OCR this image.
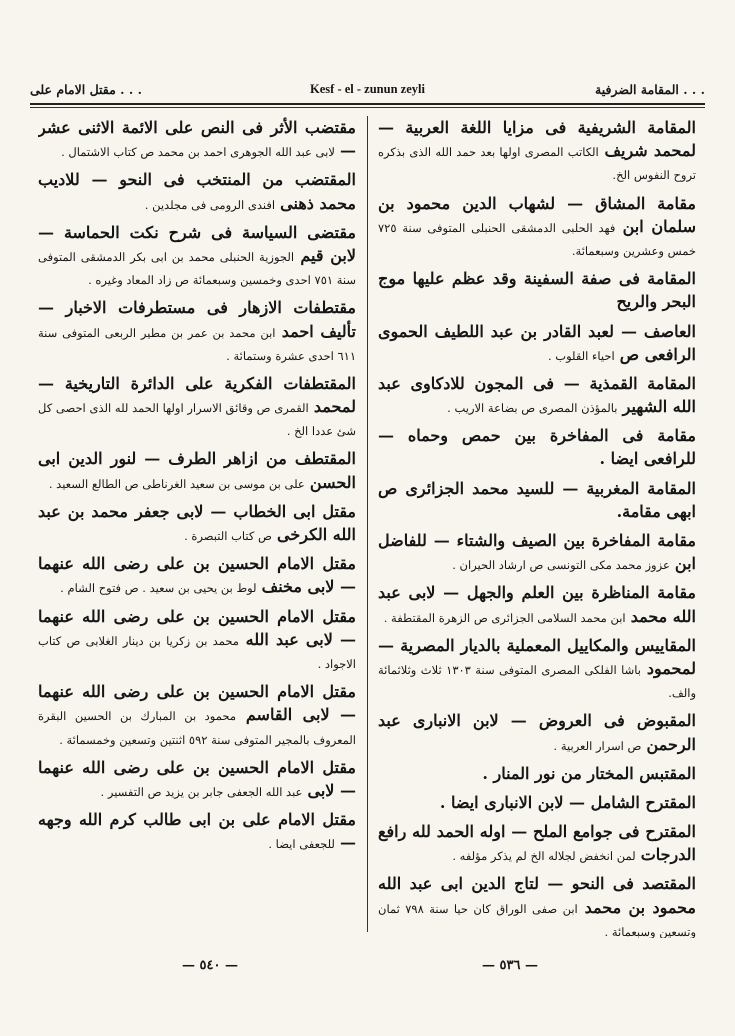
مقتل الامام على . . .	Kesf - el - zunun zeyli	المقامة الضرفية . . .

المقامة الشريفية فى مزايا اللغة العربية — لمحمد شريف الكاتب المصرى اولها بعد حمد الله الذى بذكره تروح النفوس الخ.

مقامة المشاق — لشهاب الدين محمود بن سلمان ابن فهد الحلبى الدمشقى الحنبلى المتوفى سنة ٧٢٥ خمس وعشرين وسبعمائة.

المقامة فى صفة السفينة وقد عظم عليها موج البحر والريح

العاصف — لعبد القادر بن عبد اللطيف الحموى الرافعى ص احياء القلوب .

المقامة القمذية — فى المجون للادكاوى عبد الله الشهير بالمؤذن المصرى ص بضاعة الاريب .

مقامة فى المفاخرة بين حمص وحماه — للرافعى ايضا .

المقامة المغربية — للسيد محمد الجزائرى ص ابهى مقامة.

مقامة المفاخرة بين الصيف والشتاء — للفاضل ابن عزوز محمد مكى التونسى ص ارشاد الحيران .

مقامة المناظرة بين العلم والجهل — لابى عبد الله محمد ابن محمد السلامى الجزائرى ص الزهرة المقتطفة .

المقاييس والمكاييل المعملية بالديار المصرية — لمحمود باشا الفلكى المصرى المتوفى سنة ١٣٠٣ ثلاث وثلاثمائة والف.

المقبوض فى العروض — لابن الانبارى عبد الرحمن ص اسرار العربية .

المقتبس المختار من نور المنار .

المقترح الشامل — لابن الانبارى ايضا .

المقترح فى جوامع الملح — اوله الحمد لله رافع الدرجات لمن انخفض لجلاله الخ لم يذكر مؤلفه .

المقتصد فى النحو — لتاج الدين ابى عبد الله محمود بن محمد ابن صفى الوراق كان حيا سنة ٧٩٨ ثمان وتسعين وسبعمائة .

مقتضب الأثر فى النص على الائمة الاثنى عشر — لابى عبد الله الجوهرى احمد بن محمد ص كتاب الاشتمال .

المقتضب من المنتخب فى النحو — للاديب محمد ذهنى افندى الرومى فى مجلدين .

مقتضى السياسة فى شرح نكت الحماسة — لابن قيم الجوزية الحنبلى محمد بن ابى بكر الدمشقى المتوفى سنة ٧٥١ احدى وخمسين وسبعمائة ص زاد المعاد وغيره .

مقتطفات الازهار فى مستطرفات الاخبار — تأليف احمد ابن محمد بن عمر بن مطير الربعى المتوفى سنة ٦١١ احدى عشرة وستمائة .

المقتطفات الفكرية على الدائرة التاريخية — لمحمد القمرى ص وقائق الاسرار اولها الحمد لله الذى احصى كل شئ عددا الخ .

المقتطف من ازاهر الطرف — لنور الدين ابى الحسن على بن موسى بن سعيد الغرناطى ص الطالع السعيد .

مقتل ابى الخطاب — لابى جعفر محمد بن عبد الله الكرخى ص كتاب التبصرة .

مقتل الامام الحسين بن على رضى الله عنهما — لابى مخنف لوط بن يحيى بن سعيد . ص فتوح الشام .

مقتل الامام الحسين بن على رضى الله عنهما — لابى عبد الله محمد بن زكريا بن دينار الغلابى ص كتاب الاجواد .

مقتل الامام الحسين بن على رضى الله عنهما — لابى القاسم محمود بن المبارك بن الحسين البقرة المعروف بالمجير المتوفى سنة ٥٩٢ اثنتين وتسعين وخمسمائة .

مقتل الامام الحسين بن على رضى الله عنهما — لابى عبد الله الجعفى جابر بن يزيد ص التفسير .

مقتل الامام على بن ابى طالب كرم الله وجهه — للجعفى ايضا .

— ٥٤٠ —	— ٥٣٦ —
